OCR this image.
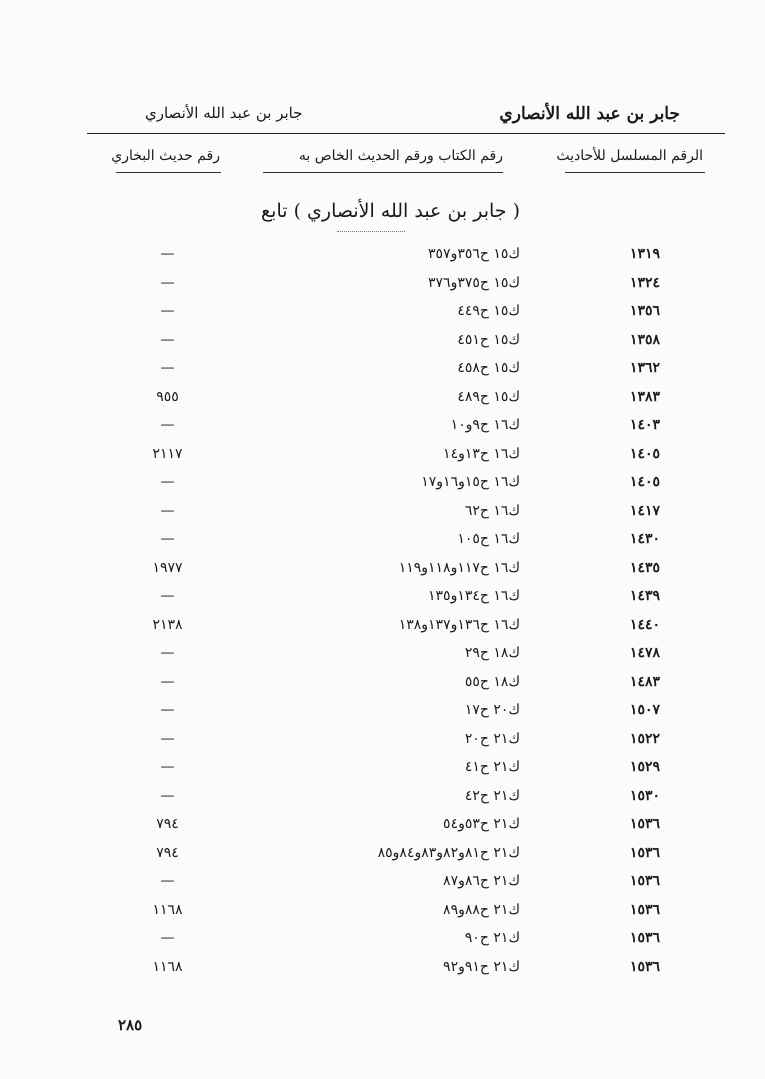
جابر بن عبد الله الأنصاري
جابر بن عبد الله الأنصاري
الرقم المسلسل للأحاديث
رقم الكتاب ورقم الحديث الخاص به
رقم حديث البخاري
( جابر بن عبد الله الأنصاري ) تابع
١٣١٩
ك١٥ ح٣٥٦و٣٥٧
—
١٣٢٤
ك١٥ ح٣٧٥و٣٧٦
—
١٣٥٦
ك١٥ ح٤٤٩
—
١٣٥٨
ك١٥ ح٤٥١
—
١٣٦٢
ك١٥ ح٤٥٨
—
١٣٨٣
ك١٥ ح٤٨٩
٩٥٥
١٤٠٣
ك١٦ ح٩و١٠
—
١٤٠٥
ك١٦ ح١٣و١٤
٢١١٧
١٤٠٥
ك١٦ ح١٥و١٦و١٧
—
١٤١٧
ك١٦ ح٦٢
—
١٤٣٠
ك١٦ ح١٠٥
—
١٤٣٥
ك١٦ ح١١٧و١١٨و١١٩
١٩٧٧
١٤٣٩
ك١٦ ح١٣٤و١٣٥
—
١٤٤٠
ك١٦ ح١٣٦و١٣٧و١٣٨
٢١٣٨
١٤٧٨
ك١٨ ح٢٩
—
١٤٨٣
ك١٨ ح٥٥
—
١٥٠٧
ك٢٠ ح١٧
—
١٥٢٢
ك٢١ ح٢٠
—
١٥٢٩
ك٢١ ح٤١
—
١٥٣٠
ك٢١ ح٤٢
—
١٥٣٦
ك٢١ ح٥٣و٥٤
٧٩٤
١٥٣٦
ك٢١ ح٨١و٨٢و٨٣و٨٤و٨٥
٧٩٤
١٥٣٦
ك٢١ ح٨٦و٨٧
—
١٥٣٦
ك٢١ ح٨٨و٨٩
١١٦٨
١٥٣٦
ك٢١ ح٩٠
—
١٥٣٦
ك٢١ ح٩١و٩٢
١١٦٨
٢٨٥
